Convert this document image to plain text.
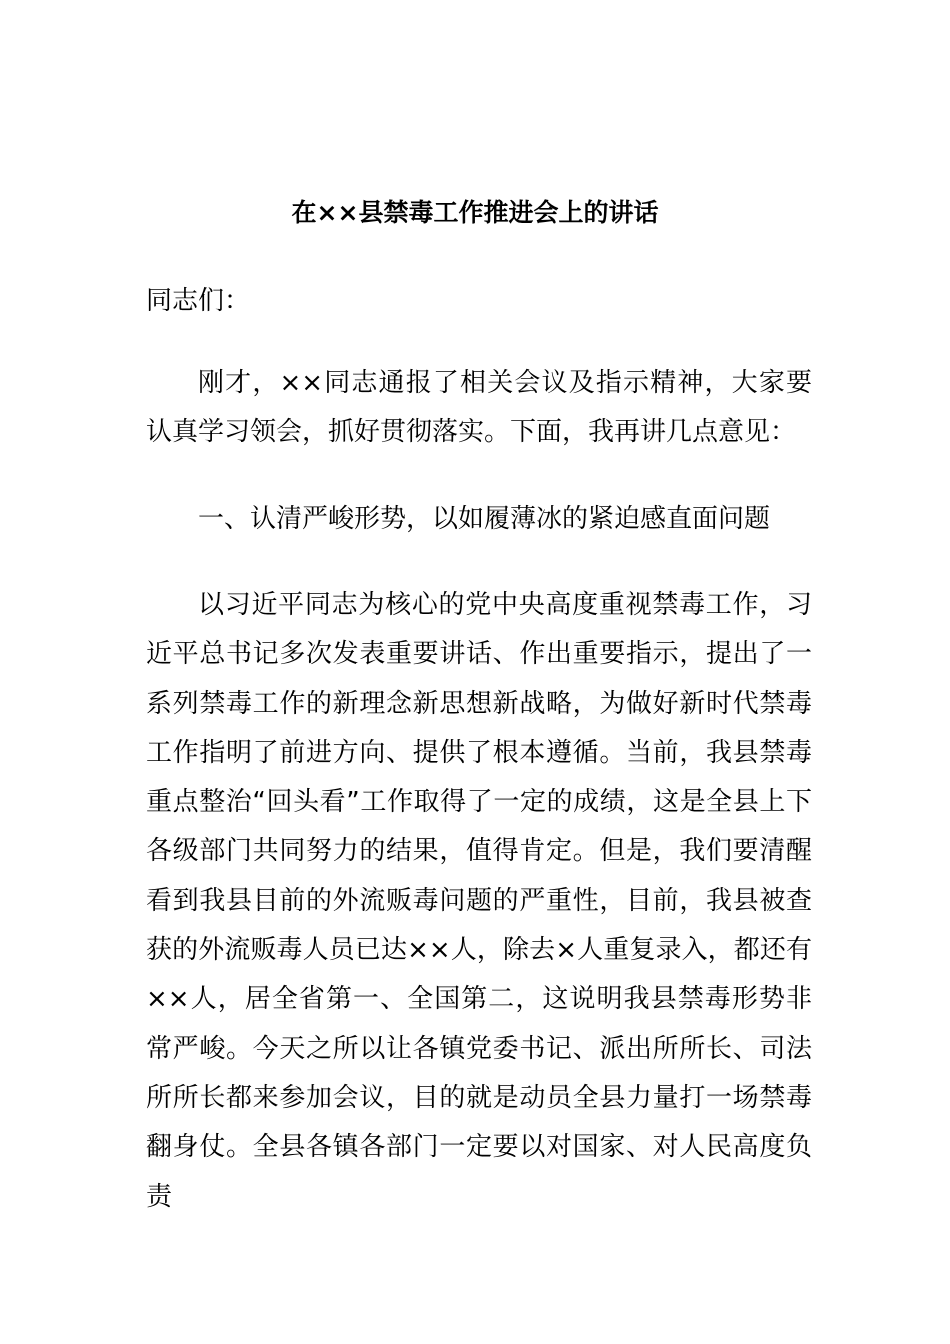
在××县禁毒工作推进会上的讲话

同志们：

刚才，××同志通报了相关会议及指示精神，大家要认真学习领会，抓好贯彻落实。下面，我再讲几点意见：

一、认清严峻形势，以如履薄冰的紧迫感直面问题

以习近平同志为核心的党中央高度重视禁毒工作，习近平总书记多次发表重要讲话、作出重要指示，提出了一系列禁毒工作的新理念新思想新战略，为做好新时代禁毒工作指明了前进方向、提供了根本遵循。当前，我县禁毒重点整治“回头看”工作取得了一定的成绩，这是全县上下各级部门共同努力的结果，值得肯定。但是，我们要清醒看到我县目前的外流贩毒问题的严重性，目前，我县被查获的外流贩毒人员已达××人，除去×人重复录入，都还有××人，居全省第一、全国第二，这说明我县禁毒形势非常严峻。今天之所以让各镇党委书记、派出所所长、司法所所长都来参加会议，目的就是动员全县力量打一场禁毒翻身仗。全县各镇各部门一定要以对国家、对人民高度负责
